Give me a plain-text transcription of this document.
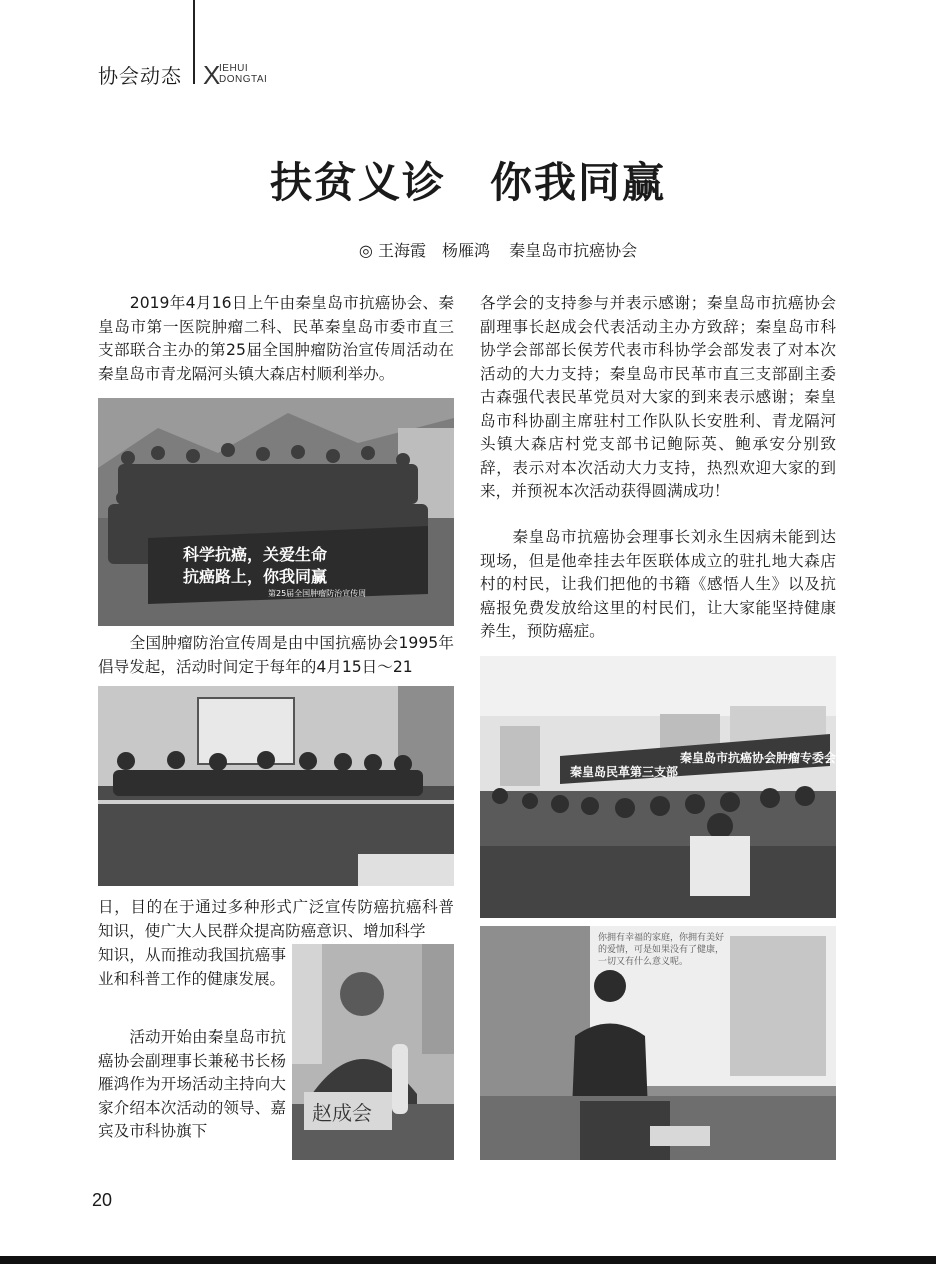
协会动态 X
IEHUI
DONGTAI
扶贫义诊　你我同赢
◎ 王海霞　杨雁鸿 秦皇岛市抗癌协会
　　2019年4月16日上午由秦皇岛市抗癌协会、秦皇岛市第一医院肿瘤二科、民革秦皇岛市委市直三支部联合主办的第25届全国肿瘤防治宣传周活动在秦皇岛市青龙隔河头镇大森店村顺利举办。
科学抗癌，关爱生命
抗癌路上，你我同赢
第25届全国肿瘤防治宣传周
　　全国肿瘤防治宣传周是由中国抗癌协会1995年倡导发起，活动时间定于每年的4月15日～21
日，目的在于通过多种形式广泛宣传防癌抗癌科普知识，使广大人民群众提高防癌意识、增加科学
知识，从而推动我国抗癌事业和科普工作的健康发展。
　　活动开始由秦皇岛市抗癌协会副理事长兼秘书长杨雁鸿作为开场活动主持向大家介绍本次活动的领导、嘉宾及市科协旗下
赵成会
各学会的支持参与并表示感谢；秦皇岛市抗癌协会副理事长赵成会代表活动主办方致辞；秦皇岛市科协学会部部长侯芳代表市科协学会部发表了对本次活动的大力支持；秦皇岛市民革市直三支部副主委古森强代表民革党员对大家的到来表示感谢；秦皇岛市科协副主席驻村工作队队长安胜利、青龙隔河头镇大森店村党支部书记鲍际英、鲍承安分别致辞，表示对本次活动大力支持，热烈欢迎大家的到来，并预祝本次活动获得圆满成功！
　　秦皇岛市抗癌协会理事长刘永生因病未能到达现场，但是他牵挂去年医联体成立的驻扎地大森店村的村民，让我们把他的书籍《感悟人生》以及抗癌报免费发放给这里的村民们，让大家能坚持健康养生，预防癌症。
秦皇岛民革第三支部
秦皇岛市抗癌协会肿瘤专委会
你拥有幸福的家庭，你拥有美好的爱情，可是如果没有了健康，一切又有什么意义呢。
20
